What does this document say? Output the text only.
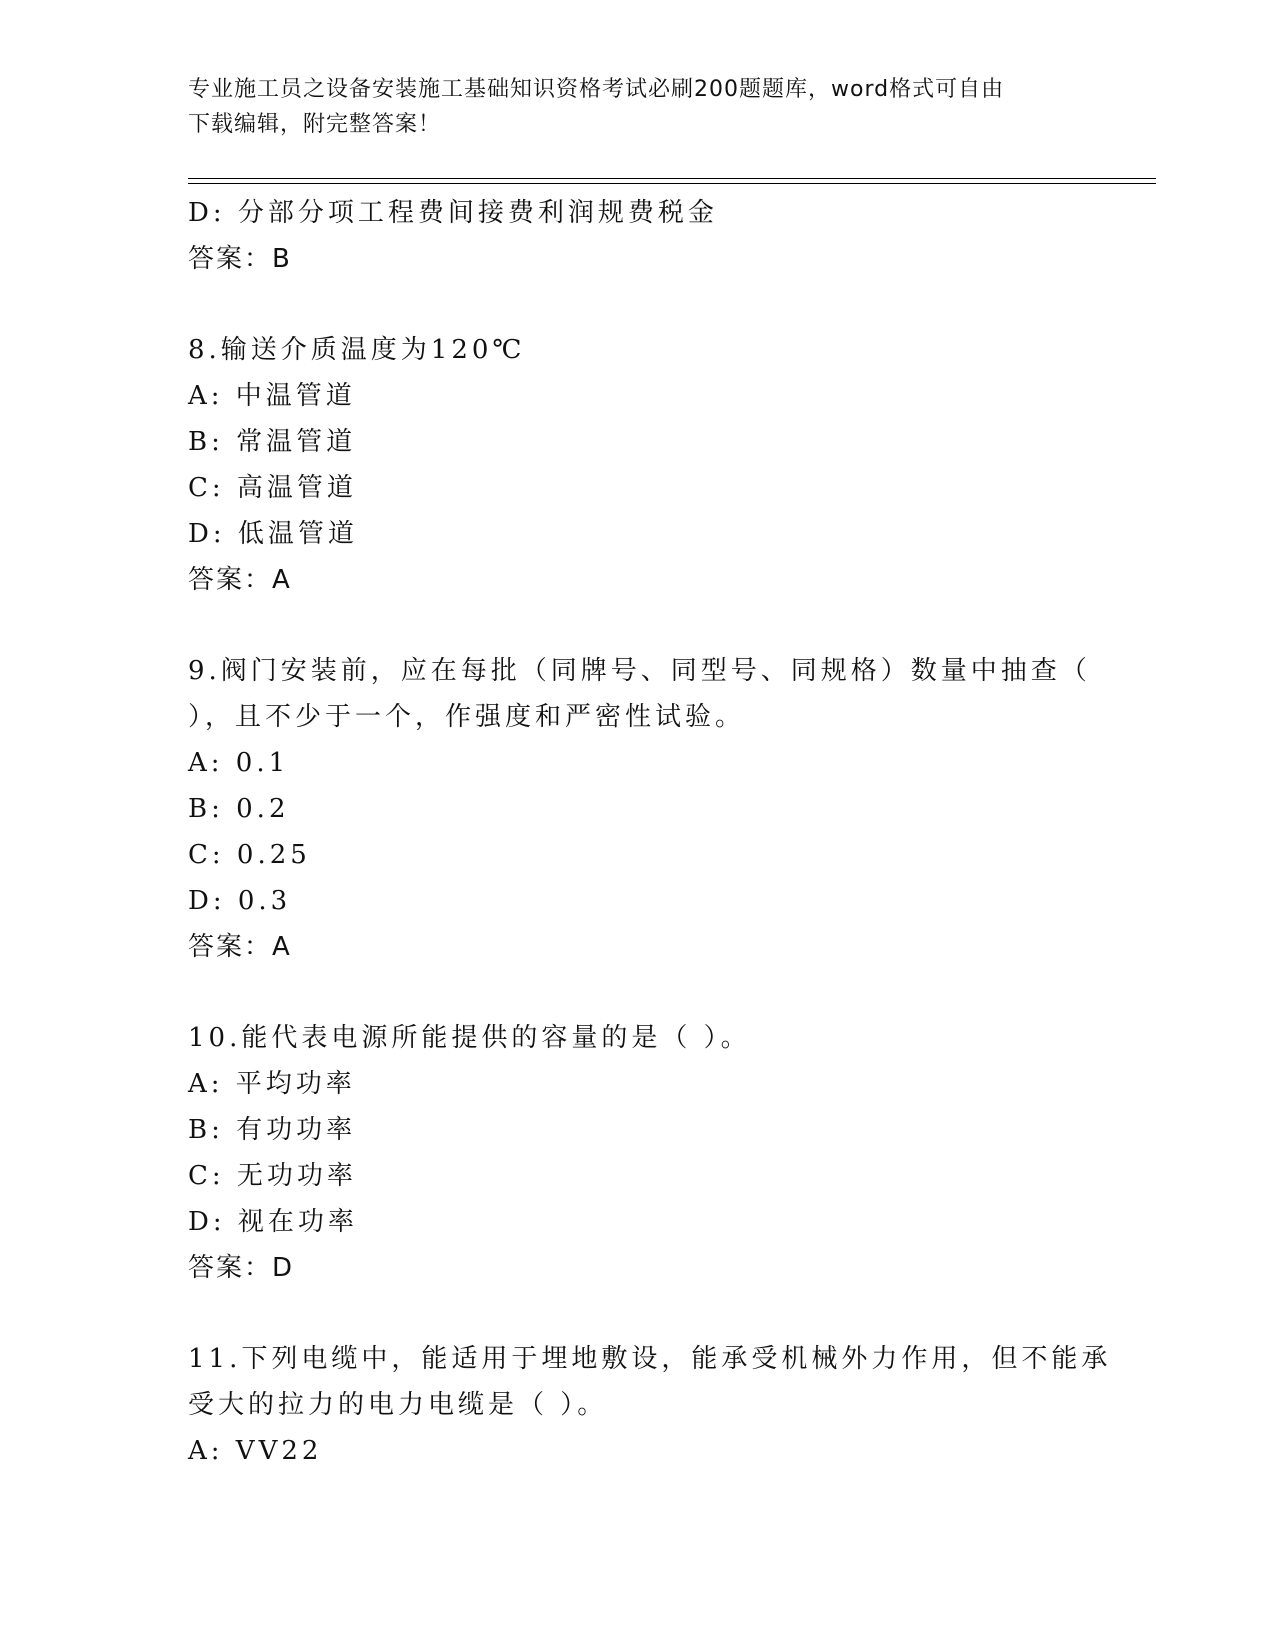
专业施工员之设备安装施工基础知识资格考试必刷200题题库，word格式可自由
下载编辑，附完整答案！
D: 分部分项工程费间接费利润规费税金
答案：B
8.输送介质温度为120℃
A: 中温管道
B: 常温管道
C: 高温管道
D: 低温管道
答案：A
9.阀门安装前，应在每批（同牌号、同型号、同规格）数量中抽查（
），且不少于一个，作强度和严密性试验。
A: 0.1
B: 0.2
C: 0.25
D: 0.3
答案：A
10.能代表电源所能提供的容量的是（ ）。
A: 平均功率
B: 有功功率
C: 无功功率
D: 视在功率
答案：D
11.下列电缆中，能适用于埋地敷设，能承受机械外力作用，但不能承
受大的拉力的电力电缆是（ ）。
A: VV22
